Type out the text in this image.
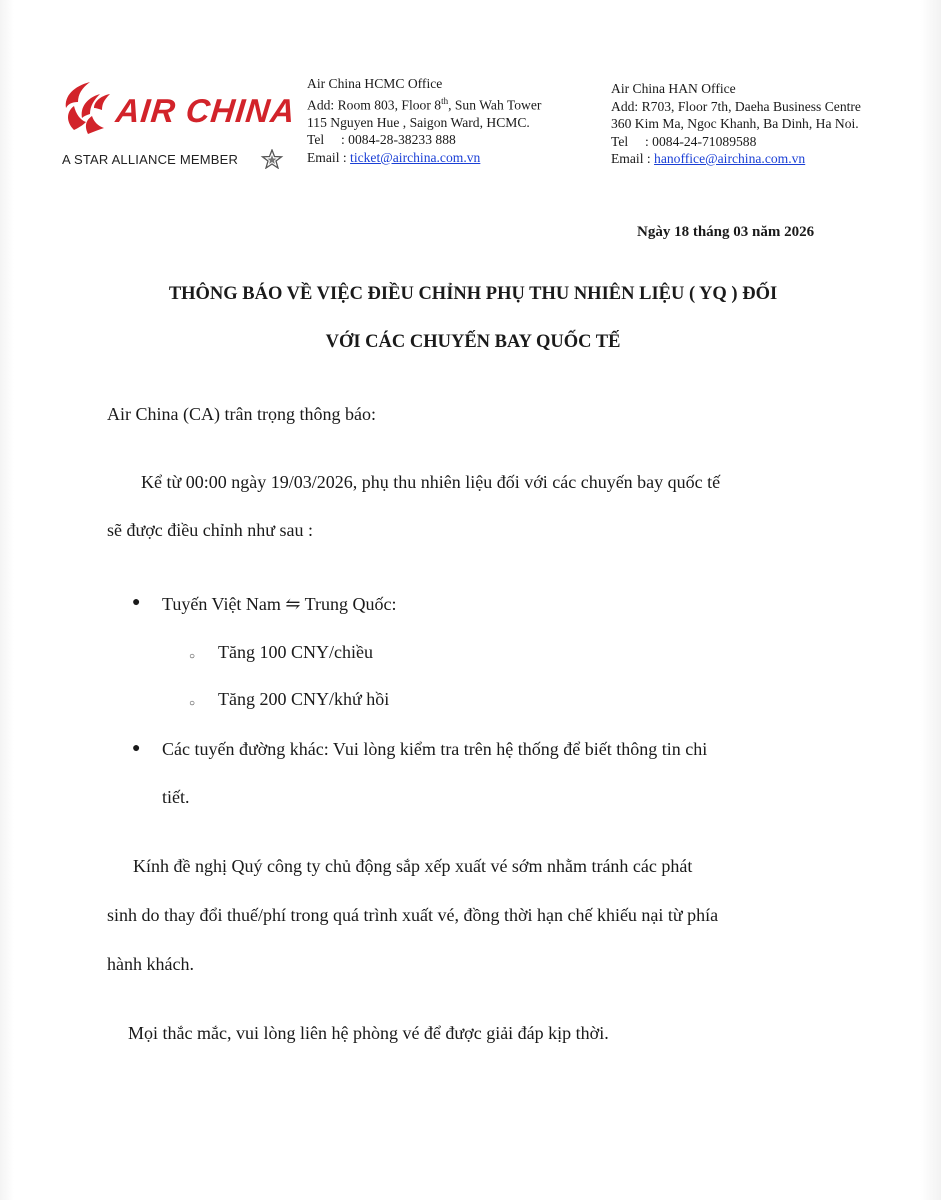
AIR CHINA
A STAR ALLIANCE MEMBER
Air China HCMC Office
Add: Room 803, Floor 8th, Sun Wah Tower
115 Nguyen Hue , Saigon Ward, HCMC.
Tel : 0084-28-38233 888
Email : ticket@airchina.com.vn
Air China HAN Office
Add: R703, Floor 7th, Daeha Business Centre
360 Kim Ma, Ngoc Khanh, Ba Dinh, Ha Noi.
Tel : 0084-24-71089588
Email : hanoffice@airchina.com.vn
Ngày 18 tháng 03 năm 2026
THÔNG BÁO VỀ VIỆC ĐIỀU CHỈNH PHỤ THU NHIÊN LIỆU ( YQ ) ĐỐI
VỚI CÁC CHUYẾN BAY QUỐC TẾ
Air China (CA) trân trọng thông báo:
Kể từ 00:00 ngày 19/03/2026, phụ thu nhiên liệu đối với các chuyến bay quốc tế
sẽ được điều chỉnh như sau :
● Tuyến Việt Nam ⇋ Trung Quốc:
○ Tăng 100 CNY/chiều
○ Tăng 200 CNY/khứ hồi
● Các tuyến đường khác: Vui lòng kiểm tra trên hệ thống để biết thông tin chi
tiết.
Kính đề nghị Quý công ty chủ động sắp xếp xuất vé sớm nhằm tránh các phát
sinh do thay đổi thuế/phí trong quá trình xuất vé, đồng thời hạn chế khiếu nại từ phía
hành khách.
Mọi thắc mắc, vui lòng liên hệ phòng vé để được giải đáp kịp thời.
